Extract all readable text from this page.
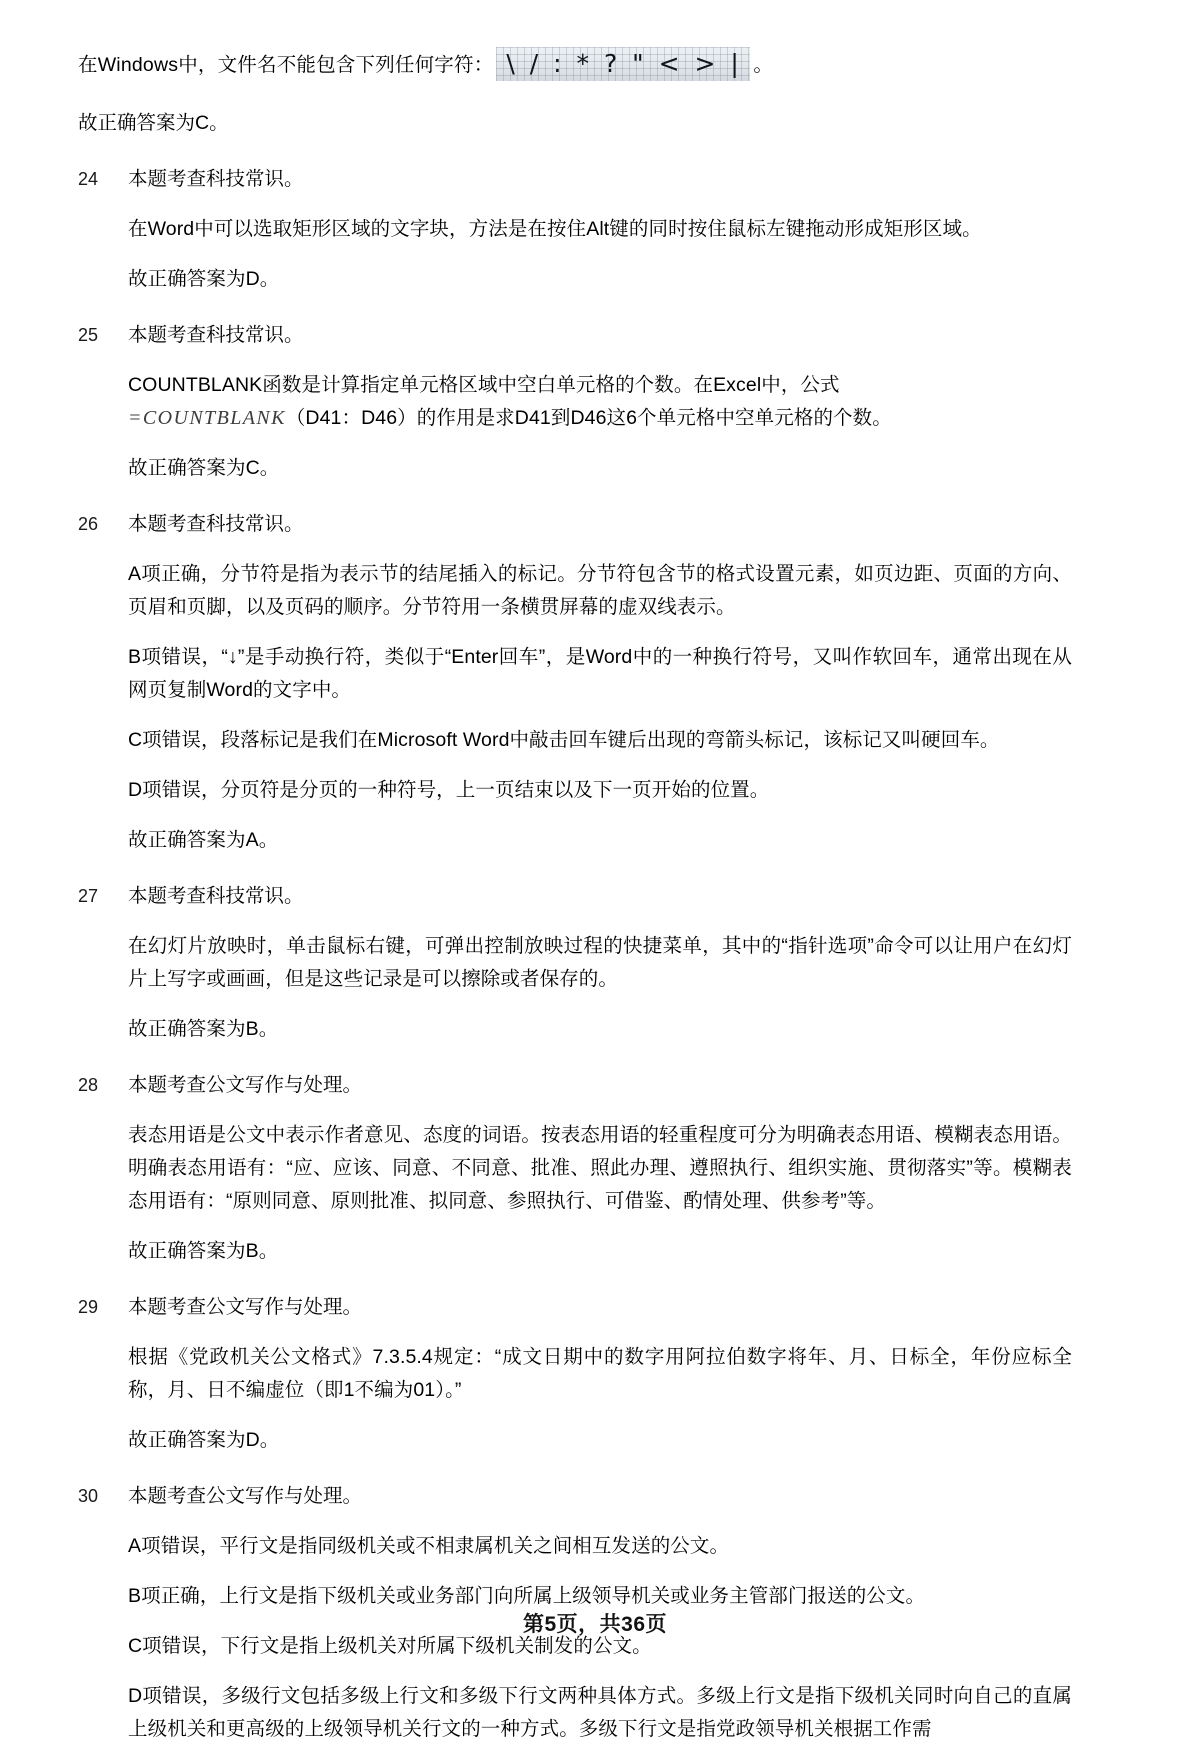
在Windows中，文件名不能包含下列任何字符： \ / : * ? " < > | 。
故正确答案为C。
24	本题考查科技常识。
在Word中可以选取矩形区域的文字块，方法是在按住Alt键的同时按住鼠标左键拖动形成矩形区域。
故正确答案为D。
25	本题考查科技常识。
COUNTBLANK函数是计算指定单元格区域中空白单元格的个数。在Excel中，公式
=COUNTBLANK（D41：D46）的作用是求D41到D46这6个单元格中空单元格的个数。
故正确答案为C。
26	本题考查科技常识。
A项正确，分节符是指为表示节的结尾插入的标记。分节符包含节的格式设置元素，如页边距、页面的方向、页眉和页脚，以及页码的顺序。分节符用一条横贯屏幕的虚双线表示。
B项错误，“↓”是手动换行符，类似于“Enter回车”，是Word中的一种换行符号，又叫作软回车，通常出现在从网页复制Word的文字中。
C项错误，段落标记是我们在Microsoft Word中敲击回车键后出现的弯箭头标记，该标记又叫硬回车。
D项错误，分页符是分页的一种符号，上一页结束以及下一页开始的位置。
故正确答案为A。
27	本题考查科技常识。
在幻灯片放映时，单击鼠标右键，可弹出控制放映过程的快捷菜单，其中的“指针选项”命令可以让用户在幻灯片上写字或画画，但是这些记录是可以擦除或者保存的。
故正确答案为B。
28	本题考查公文写作与处理。
表态用语是公文中表示作者意见、态度的词语。按表态用语的轻重程度可分为明确表态用语、模糊表态用语。明确表态用语有：“应、应该、同意、不同意、批准、照此办理、遵照执行、组织实施、贯彻落实”等。模糊表态用语有：“原则同意、原则批准、拟同意、参照执行、可借鉴、酌情处理、供参考”等。
故正确答案为B。
29	本题考查公文写作与处理。
根据《党政机关公文格式》7.3.5.4规定：“成文日期中的数字用阿拉伯数字将年、月、日标全，年份应标全称，月、日不编虚位（即1不编为01）。”
故正确答案为D。
30	本题考查公文写作与处理。
A项错误，平行文是指同级机关或不相隶属机关之间相互发送的公文。
B项正确，上行文是指下级机关或业务部门向所属上级领导机关或业务主管部门报送的公文。
C项错误，下行文是指上级机关对所属下级机关制发的公文。
D项错误，多级行文包括多级上行文和多级下行文两种具体方式。多级上行文是指下级机关同时向自己的直属上级机关和更高级的上级领导机关行文的一种方式。多级下行文是指党政领导机关根据工作需
第5页，共36页
